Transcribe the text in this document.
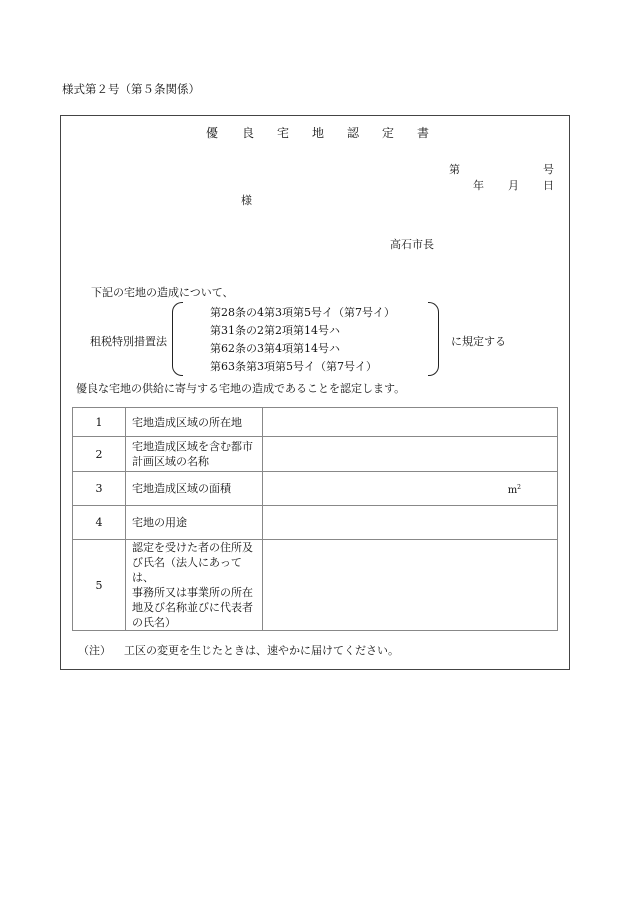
様式第２号（第５条関係）
優 良 宅 地 認 定 書
第	号
年 月 日
様
高石市長
下記の宅地の造成について、
租税特別措置法
第28条の4第3項第5号イ（第7号イ）
第31条の2第2項第14号ハ
第62条の3第4項第14号ハ
第63条第3項第5号イ（第7号イ）
に規定する
優良な宅地の供給に寄与する宅地の造成であることを認定します。
1	宅地造成区域の所在地	
2	宅地造成区域を含む都市
計画区域の名称	
3	宅地造成区域の面積	$m^2$

4	宅地の用途	
5	認定を受けた者の住所及
び氏名（法人にあっては、
事務所又は事業所の所在
地及び名称並びに代表者
の氏名）	
（注） 工区の変更を生じたときは、速やかに届けてください。
